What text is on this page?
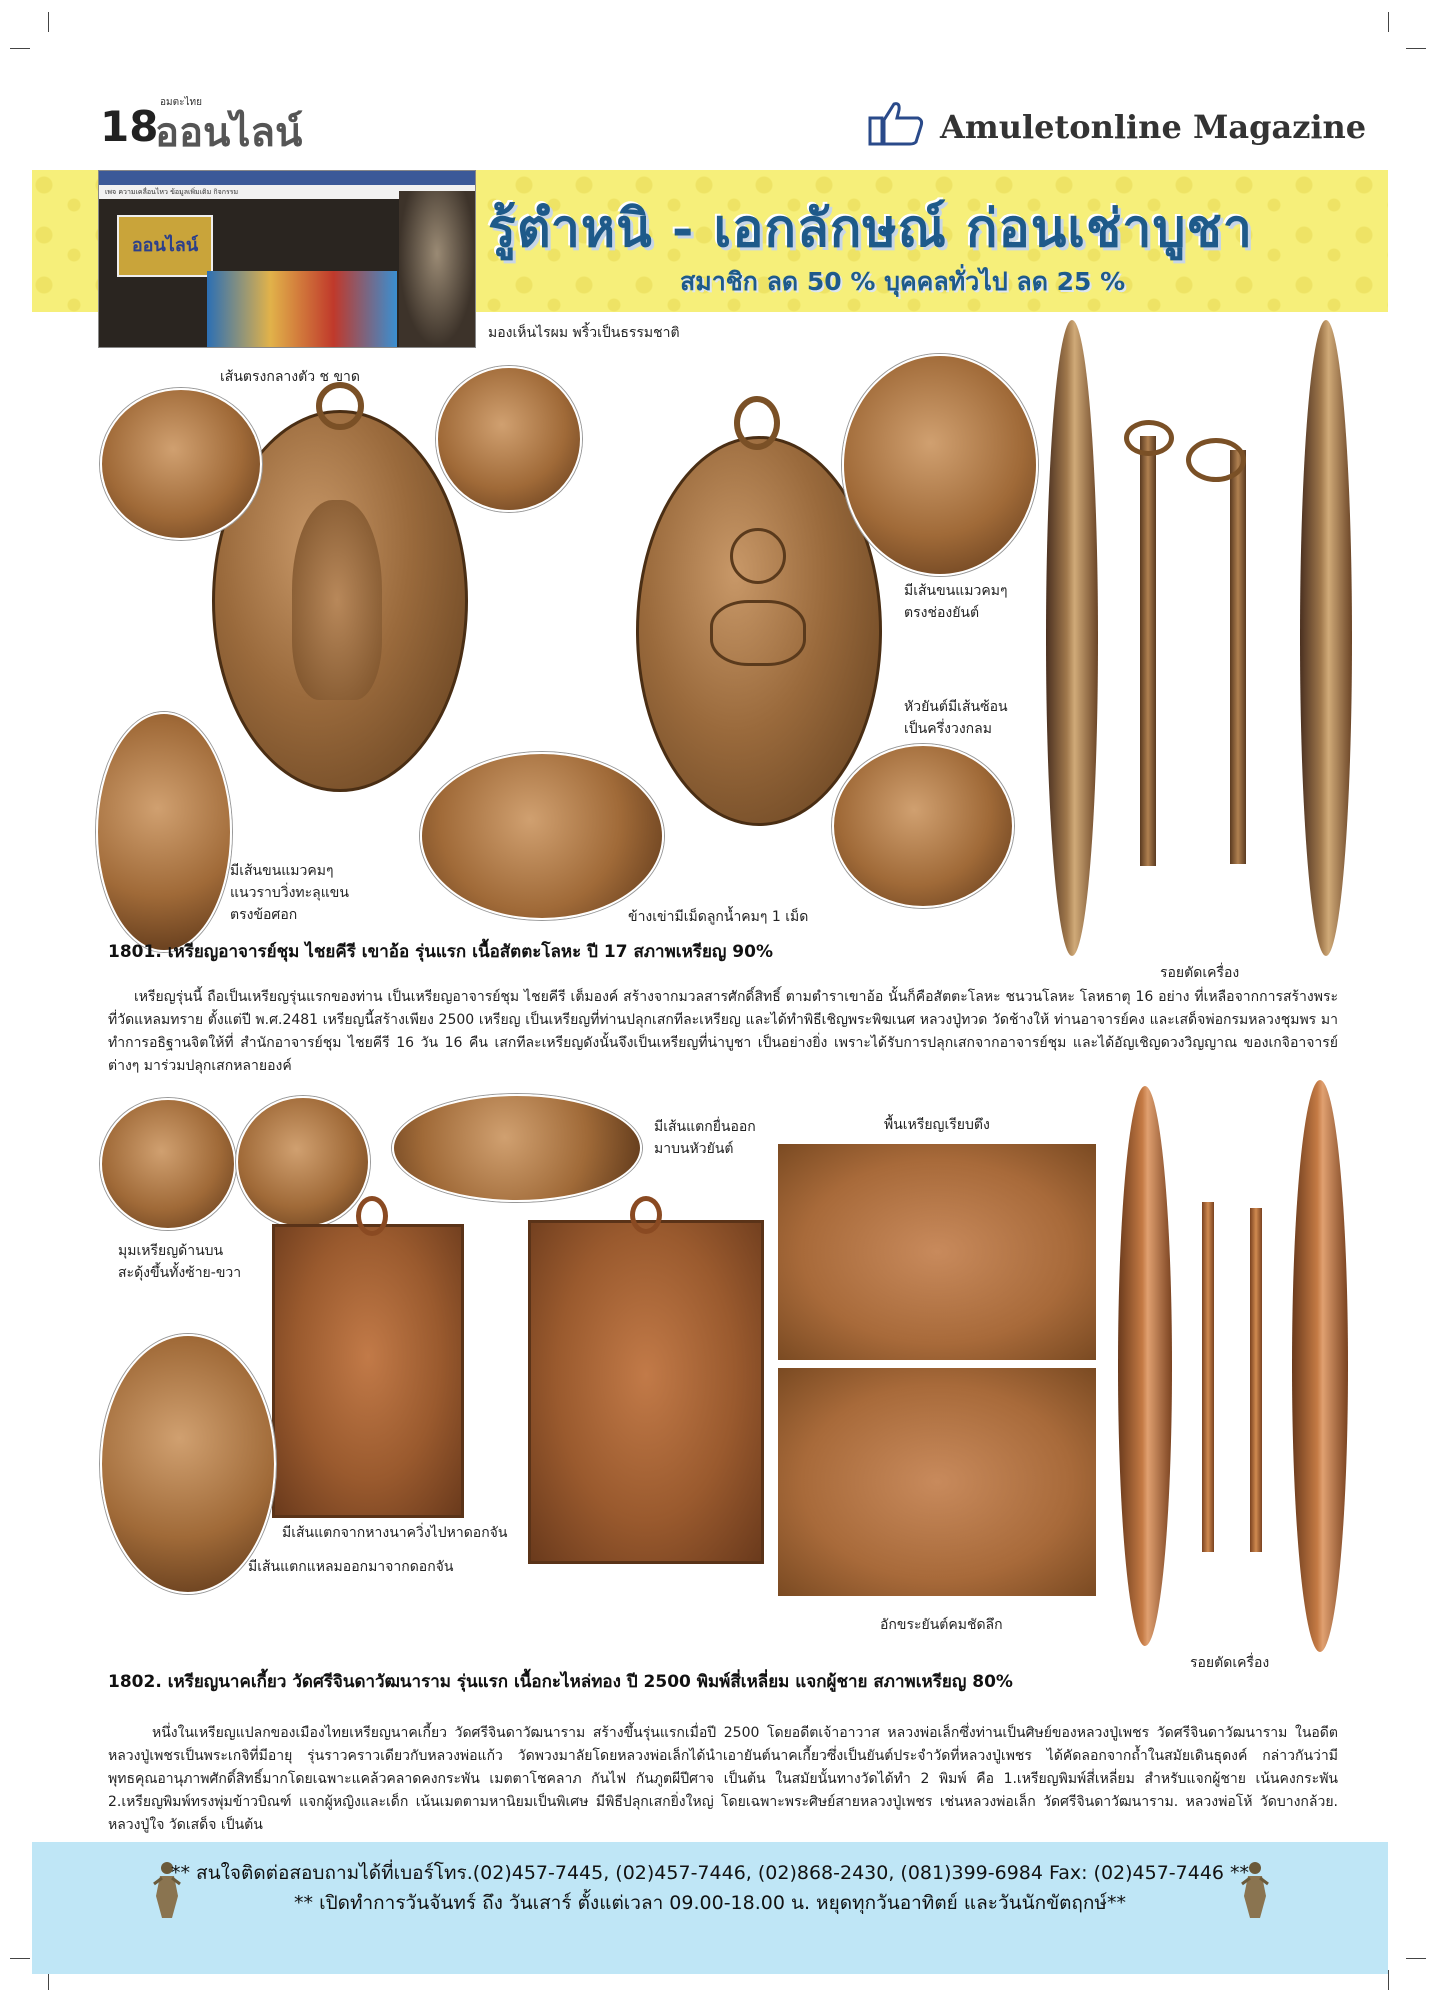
18 อมตะไทย
ออนไลน์	Amuletonline Magazine
เพจ ความเคลื่อนไหว ข้อมูลเพิ่มเติม กิจกรรม
ออนไลน์	รู้ตำหนิ - เอกลักษณ์ ก่อนเช่าบูชา
สมาชิก ลด 50 % บุคคลทั่วไป ลด 25 %
เส้นตรงกลางตัว ช ขาด
มองเห็นไรผม พริ้วเป็นธรรมชาติ
มีเส้นขนแมวคมๆ
ตรงช่องยันต์
หัวยันต์มีเส้นซ้อน
เป็นครึ่งวงกลม
มีเส้นขนแมวคมๆ
แนวราบวิ่งทะลุแขน
ตรงข้อศอก	ข้างเข่ามีเม็ดลูกน้ำคมๆ 1 เม็ด
รอยตัดเครื่อง
1801. เหรียญอาจารย์ชุม ไชยคีรี เขาอ้อ รุ่นแรก เนื้อสัตตะโลหะ ปี 17 สภาพเหรียญ 90%
เหรียญรุ่นนี้ ถือเป็นเหรียญรุ่นแรกของท่าน เป็นเหรียญอาจารย์ชุม ไชยคีรี เต็มองค์ สร้างจากมวลสารศักดิ์สิทธิ์ ตามตำราเขาอ้อ นั้นก็คือสัตตะโลหะ ชนวนโลหะ โลหธาตุ 16 อย่าง ที่เหลือจากการสร้างพระที่วัดแหลมทราย ตั้งแต่ปี พ.ศ.2481 เหรียญนี้สร้างเพียง 2500 เหรียญ เป็นเหรียญที่ท่านปลุกเสกทีละเหรียญ และได้ทำพิธีเชิญพระพิฆเนศ หลวงปู่ทวด วัดช้างให้ ท่านอาจารย์คง และเสด็จพ่อกรมหลวงชุมพร มาทำการอธิฐานจิตให้ที่ สำนักอาจารย์ชุม ไชยคีรี 16 วัน 16 คืน เสกทีละเหรียญดังนั้นจึงเป็นเหรียญที่น่าบูชา เป็นอย่างยิ่ง เพราะได้รับการปลุกเสกจากอาจารย์ชุม และได้อัญเชิญดวงวิญญาณ ของเกจิอาจารย์ต่างๆ มาร่วมปลุกเสกหลายองค์
มีเส้นแตกยื่นออก
มาบนหัวยันต์
มุมเหรียญด้านบน
สะดุ้งขึ้นทั้งซ้าย-ขวา
มีเส้นแตกจากหางนาควิ่งไปหาดอกจัน
มีเส้นแตกแหลมออกมาจากดอกจัน
พื้นเหรียญเรียบตึง
อักขระยันต์คมชัดลึก
รอยตัดเครื่อง
1802. เหรียญนาคเกี้ยว วัดศรีจินดาวัฒนาราม รุ่นแรก เนื้อกะไหล่ทอง ปี 2500 พิมพ์สี่เหลี่ยม แจกผู้ชาย สภาพเหรียญ 80%
หนึ่งในเหรียญแปลกของเมืองไทยเหรียญนาคเกี้ยว วัดศรีจินดาวัฒนาราม สร้างขึ้นรุ่นแรกเมื่อปี 2500 โดยอดีตเจ้าอาวาส หลวงพ่อเล็กซึ่งท่านเป็นศิษย์ของหลวงปู่เพชร วัดศรีจินดาวัฒนาราม ในอดีตหลวงปู่เพชรเป็นพระเกจิที่มีอายุ รุ่นราวคราวเดียวกับหลวงพ่อแก้ว วัดพวงมาลัยโดยหลวงพ่อเล็กได้นำเอายันต์นาคเกี้ยวซึ่งเป็นยันต์ประจำวัดที่หลวงปู่เพชร ได้คัดลอกจากถ้ำในสมัยเดินธุดงค์ กล่าวกันว่ามีพุทธคุณอานุภาพศักดิ์สิทธิ์มากโดยเฉพาะแคล้วคลาดคงกระพัน เมตตาโชคลาภ กันไฟ กันภูตผีปีศาจ เป็นต้น ในสมัยนั้นทางวัดได้ทำ 2 พิมพ์ คือ 1.เหรียญพิมพ์สี่เหลี่ยม สำหรับแจกผู้ชาย เน้นคงกระพัน 2.เหรียญพิมพ์ทรงพุ่มข้าวบิณฑ์ แจกผู้หญิงและเด็ก เน้นเมตตามหานิยมเป็นพิเศษ มีพิธีปลุกเสกยิ่งใหญ่ โดยเฉพาะพระศิษย์สายหลวงปู่เพชร เช่นหลวงพ่อเล็ก วัดศรีจินดาวัฒนาราม. หลวงพ่อโห้ วัดบางกล้วย. หลวงปู่ใจ วัดเสด็จ เป็นต้น
** สนใจติดต่อสอบถามได้ที่เบอร์โทร.(02)457-7445, (02)457-7446, (02)868-2430, (081)399-6984 Fax: (02)457-7446 **
** เปิดทำการวันจันทร์ ถึง วันเสาร์ ตั้งแต่เวลา 09.00-18.00 น. หยุดทุกวันอาทิตย์ และวันนักขัตฤกษ์**
